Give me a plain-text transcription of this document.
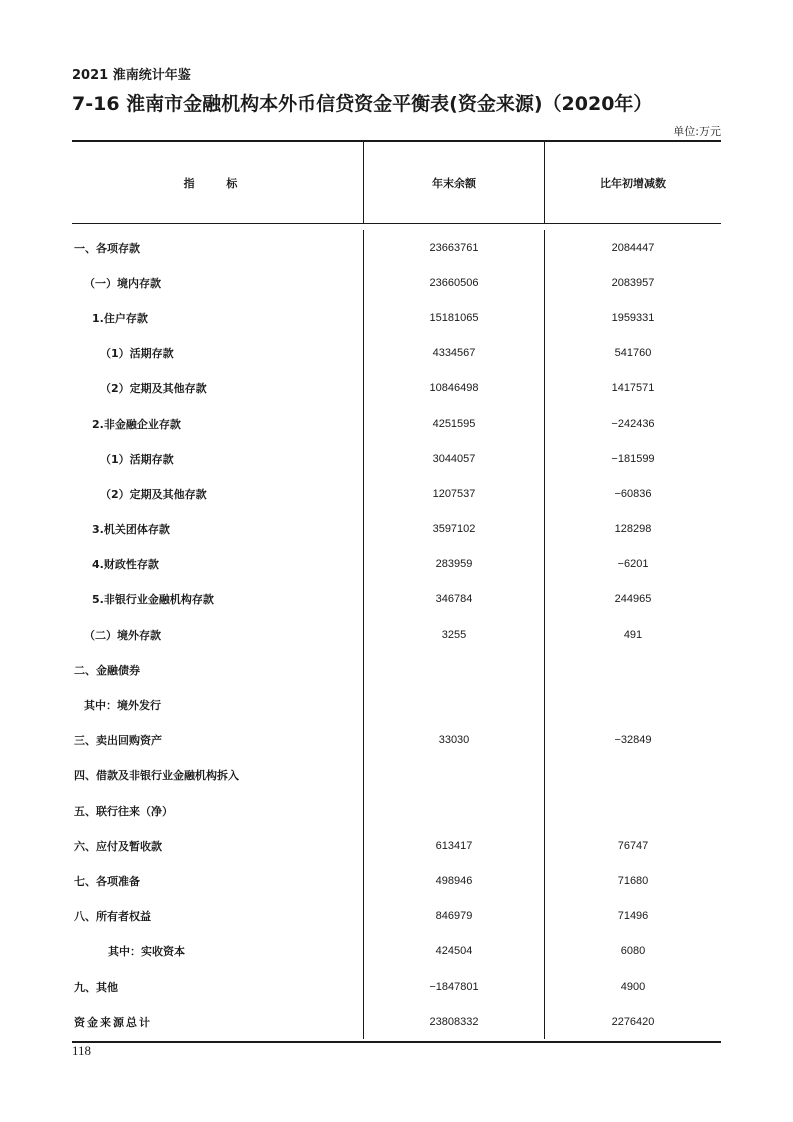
2021 淮南统计年鉴
7-16 淮南市金融机构本外币信贷资金平衡表(资金来源)（2020年）
单位:万元
指 标	年末余额	比年初增减数
一、各项存款	23663761	2084447
（一）境内存款	23660506	2083957
1.住户存款	15181065	1959331
（1）活期存款	4334567	541760
（2）定期及其他存款	10846498	1417571
2.非金融企业存款	4251595	−242436
（1）活期存款	3044057	−181599
（2）定期及其他存款	1207537	−60836
3.机关团体存款	3597102	128298
4.财政性存款	283959	−6201
5.非银行业金融机构存款	346784	244965
（二）境外存款	3255	491
二、金融债券
其中：境外发行
三、卖出回购资产	33030	−32849
四、借款及非银行业金融机构拆入
五、联行往来（净）
六、应付及暂收款	613417	76747
七、各项准备	498946	71680
八、所有者权益	846979	71496
其中：实收资本	424504	6080
九、其他	−1847801	4900
资金来源总计	23808332	2276420
118
